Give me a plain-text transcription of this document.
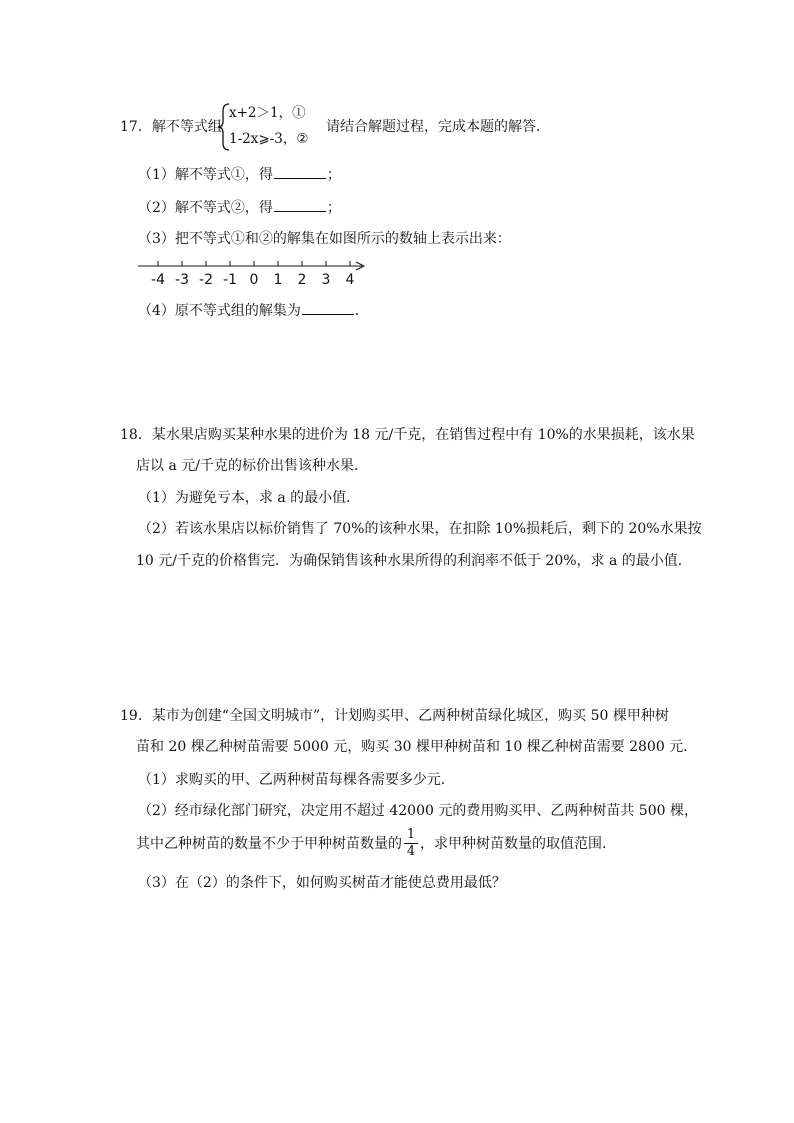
17．解不等式组
x+2＞1，①
1-2x⩾-3，②
请结合解题过程，完成本题的解答．
（1）解不等式①，得	；
（2）解不等式②，得	；
（3）把不等式①和②的解集在如图所示的数轴上表示出来：
-4 -3 -2 -1 0 1 2 3 4
（4）原不等式组的解集为	．
18．某水果店购买某种水果的进价为 18 元/千克，在销售过程中有 10%的水果损耗，该水果
店以 a 元/千克的标价出售该种水果．
（1）为避免亏本，求 a 的最小值．
（2）若该水果店以标价销售了 70%的该种水果，在扣除 10%损耗后，剩下的 20%水果按
10 元/千克的价格售完．为确保销售该种水果所得的利润率不低于 20%，求 a 的最小值．
19．某市为创建“全国文明城市”，计划购买甲、乙两种树苗绿化城区，购买 50 棵甲种树
苗和 20 棵乙种树苗需要 5000 元，购买 30 棵甲种树苗和 10 棵乙种树苗需要 2800 元．
（1）求购买的甲、乙两种树苗每棵各需要多少元．
（2）经市绿化部门研究，决定用不超过 42000 元的费用购买甲、乙两种树苗共 500 棵，
其中乙种树苗的数量不少于甲种树苗数量的
1
4 ，求甲种树苗数量的取值范围．
（3）在（2）的条件下，如何购买树苗才能使总费用最低？
